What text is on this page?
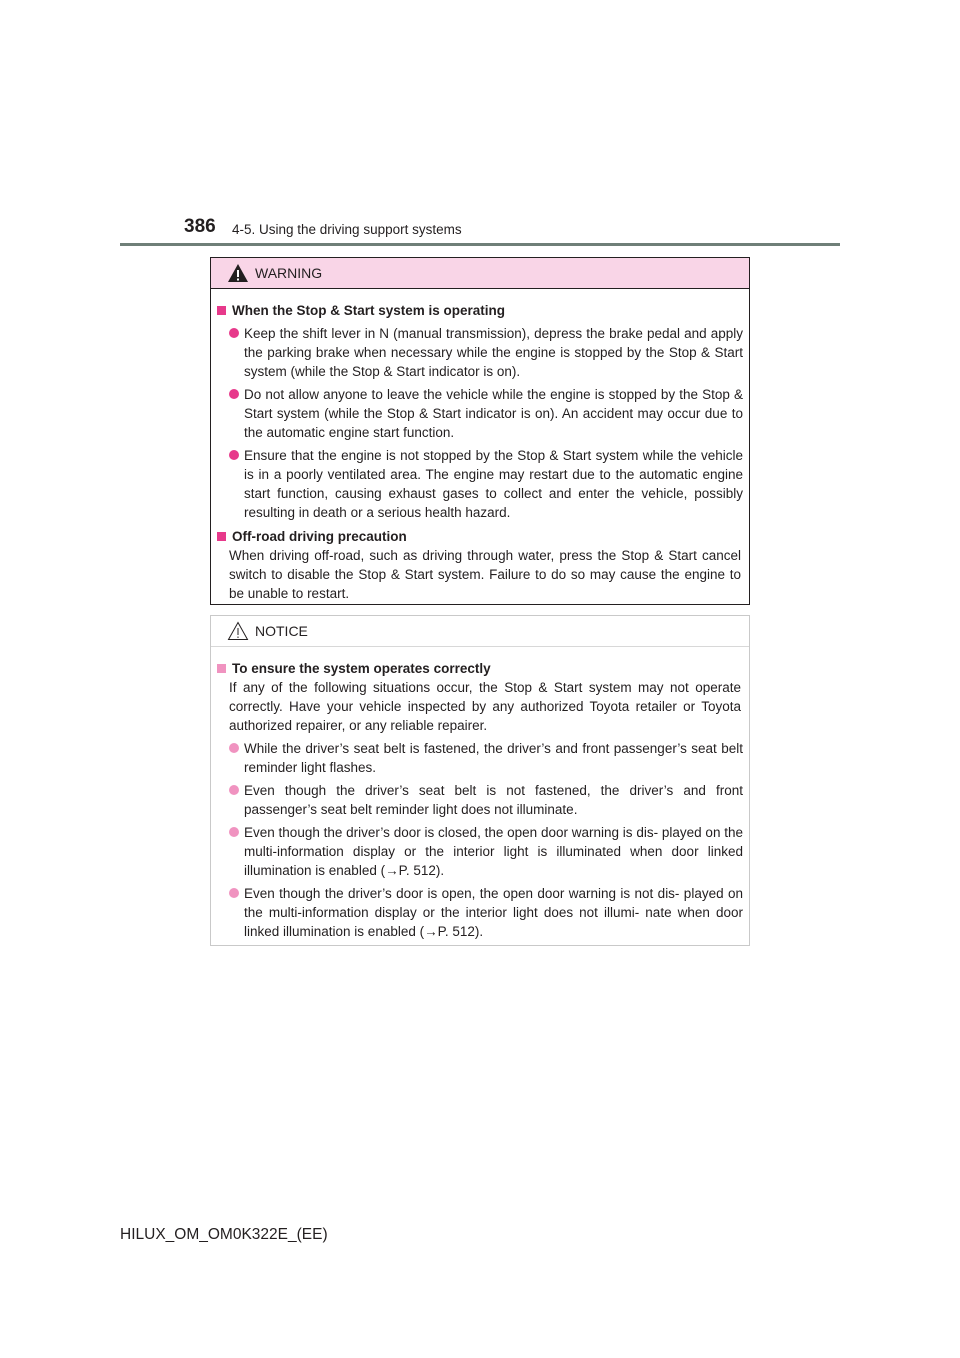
386 4-5. Using the driving support systems
WARNING
When the Stop & Start system is operating
Keep the shift lever in N (manual transmission), depress the brake pedal and apply the parking brake when necessary while the engine is stopped by the Stop & Start system (while the Stop & Start indicator is on).
Do not allow anyone to leave the vehicle while the engine is stopped by the Stop & Start system (while the Stop & Start indicator is on). An accident may occur due to the automatic engine start function.
Ensure that the engine is not stopped by the Stop & Start system while the vehicle is in a poorly ventilated area. The engine may restart due to the automatic engine start function, causing exhaust gases to collect and enter the vehicle, possibly resulting in death or a serious health hazard.
Off-road driving precaution
When driving off-road, such as driving through water, press the Stop & Start cancel switch to disable the Stop & Start system. Failure to do so may cause the engine to be unable to restart.
NOTICE
To ensure the system operates correctly
If any of the following situations occur, the Stop & Start system may not operate correctly. Have your vehicle inspected by any authorized Toyota retailer or Toyota authorized repairer, or any reliable repairer.
While the driver’s seat belt is fastened, the driver’s and front passenger’s seat belt reminder light flashes.
Even though the driver’s seat belt is not fastened, the driver’s and front passenger’s seat belt reminder light does not illuminate.
Even though the driver’s door is closed, the open door warning is dis- played on the multi-information display or the interior light is illuminated when door linked illumination is enabled (→P. 512).
Even though the driver’s door is open, the open door warning is not dis- played on the multi-information display or the interior light does not illumi- nate when door linked illumination is enabled (→P. 512).
HILUX_OM_OM0K322E_(EE)
